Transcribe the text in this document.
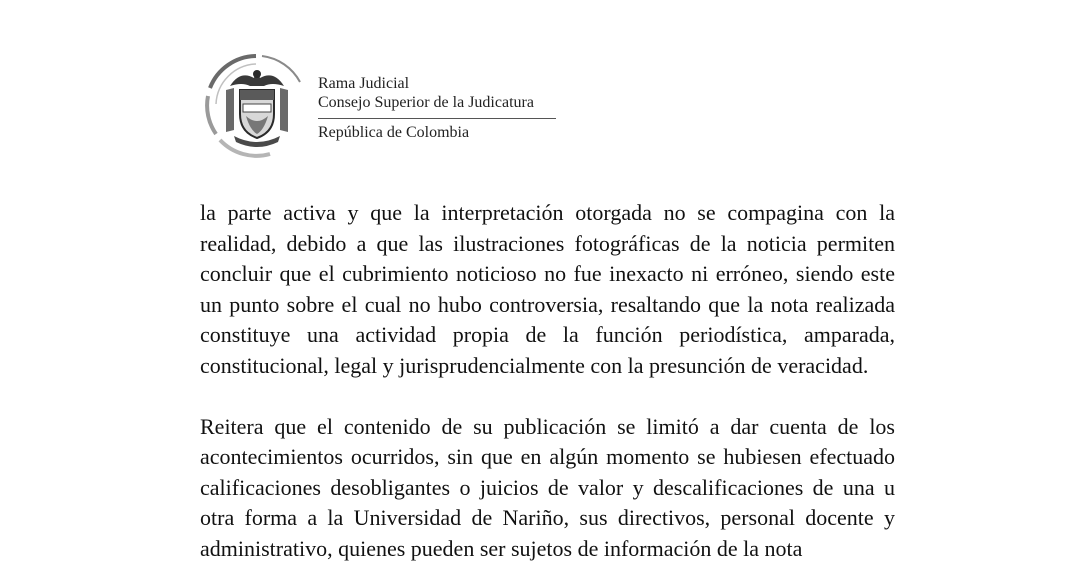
Rama Judicial
Consejo Superior de la Judicatura
República de Colombia

la parte activa y que la interpretación otorgada no se compagina con la realidad, debido a que las ilustraciones fotográficas de la noticia permiten concluir que el cubrimiento noticioso no fue inexacto ni erróneo, siendo este un punto sobre el cual no hubo controversia, resaltando que la nota realizada constituye una actividad propia de la función periodística, amparada, constitucional, legal y jurisprudencialmente con la presunción de veracidad.

Reitera que el contenido de su publicación se limitó a dar cuenta de los acontecimientos ocurridos, sin que en algún momento se hubiesen efectuado calificaciones desobligantes o juicios de valor y descalificaciones de una u otra forma a la Universidad de Nariño, sus directivos, personal docente y administrativo, quienes pueden ser sujetos de información de la nota
